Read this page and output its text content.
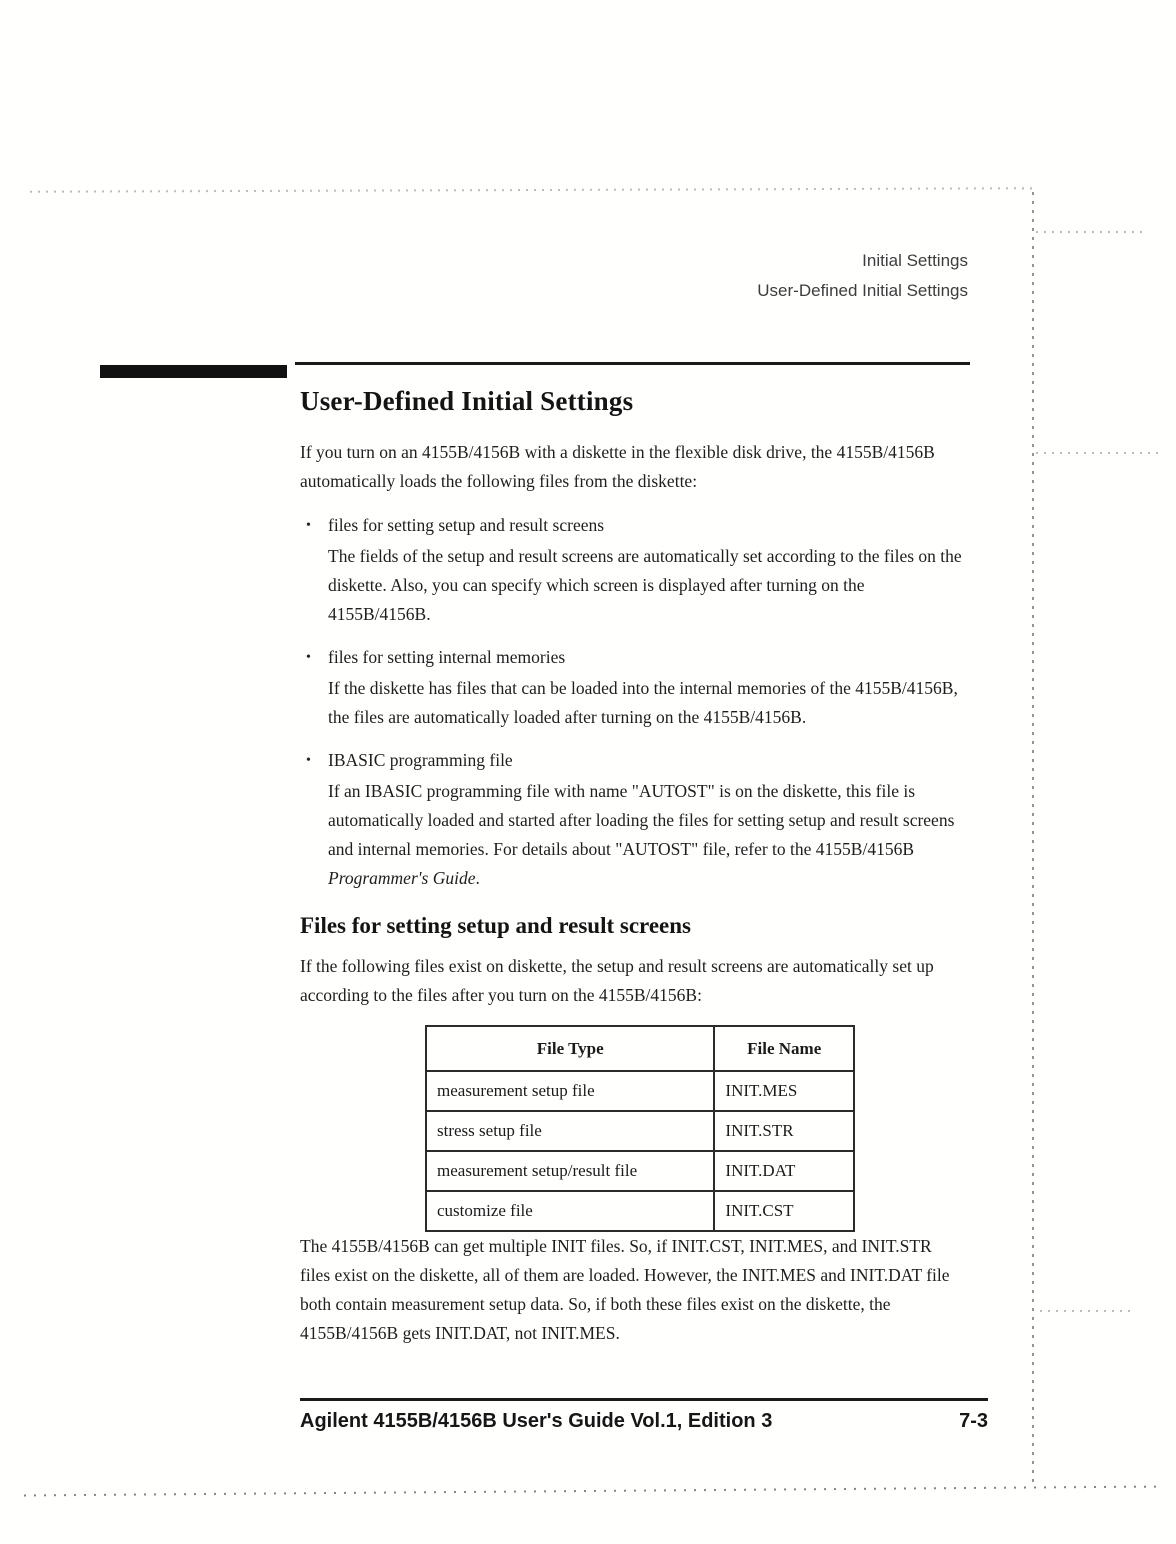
Initial Settings
User-Defined Initial Settings
User-Defined Initial Settings

If you turn on an 4155B/4156B with a diskette in the flexible disk drive, the 4155B/4156B automatically loads the following files from the diskette:

• files for setting setup and result screens
The fields of the setup and result screens are automatically set according to the files on the diskette. Also, you can specify which screen is displayed after turning on the 4155B/4156B.
• files for setting internal memories
If the diskette has files that can be loaded into the internal memories of the 4155B/4156B, the files are automatically loaded after turning on the 4155B/4156B.
• IBASIC programming file
If an IBASIC programming file with name "AUTOST" is on the diskette, this file is automatically loaded and started after loading the files for setting setup and result screens and internal memories. For details about "AUTOST" file, refer to the 4155B/4156B Programmer's Guide.
Files for setting setup and result screens

If the following files exist on diskette, the setup and result screens are automatically set up according to the files after you turn on the 4155B/4156B:

File Type	File Name
measurement setup file	INIT.MES
stress setup file	INIT.STR
measurement setup/result file	INIT.DAT
customize file	INIT.CST

The 4155B/4156B can get multiple INIT files. So, if INIT.CST, INIT.MES, and INIT.STR files exist on the diskette, all of them are loaded. However, the INIT.MES and INIT.DAT file both contain measurement setup data. So, if both these files exist on the diskette, the 4155B/4156B gets INIT.DAT, not INIT.MES.

Agilent 4155B/4156B User's Guide Vol.1, Edition 3	7-3
